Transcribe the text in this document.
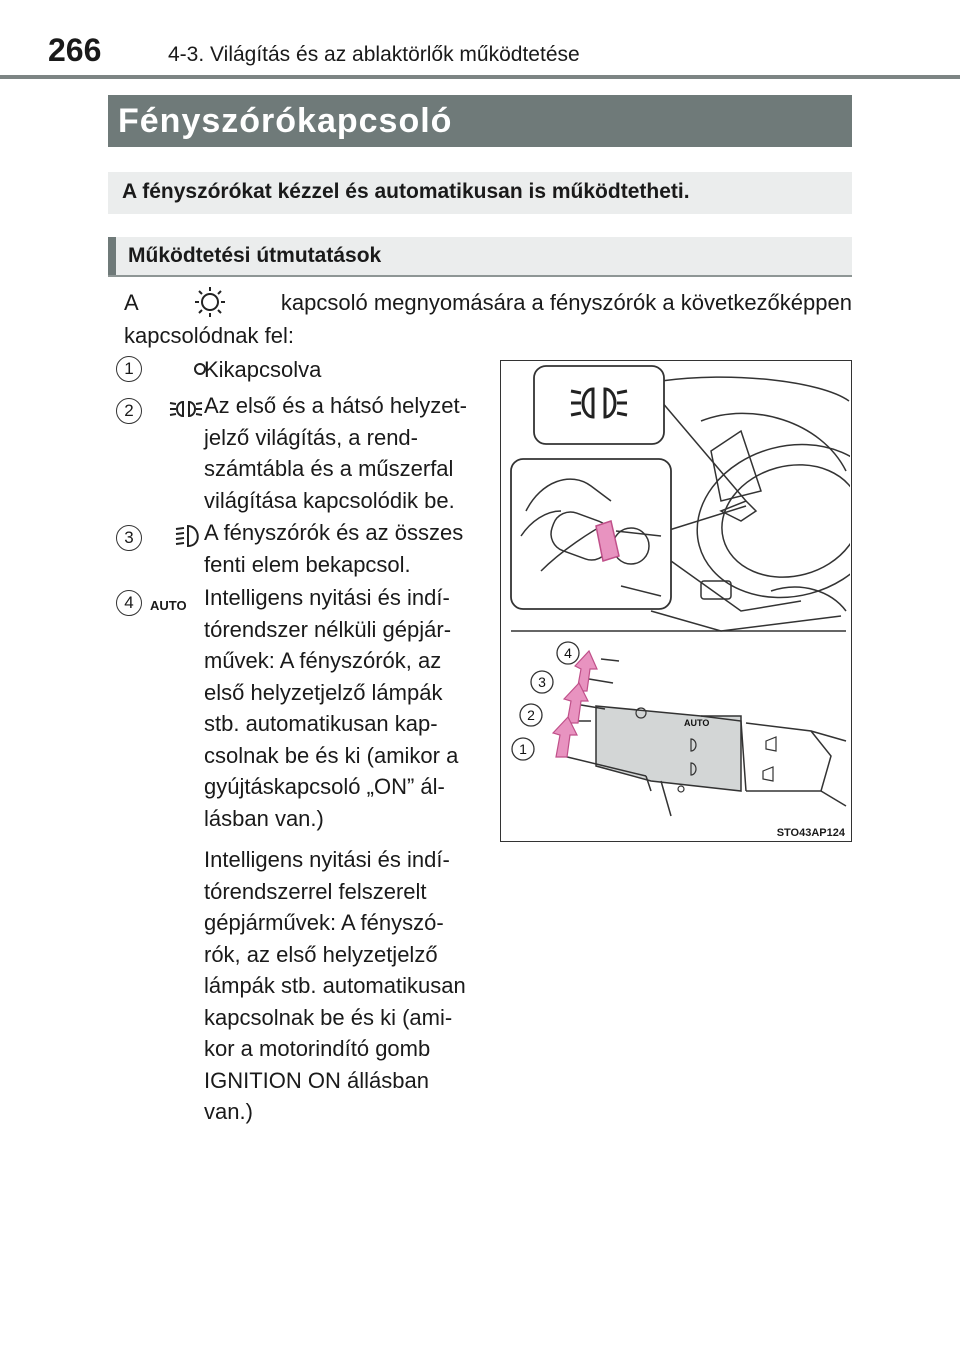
266	4-3. Világítás és az ablaktörlők működtetése
Fényszórókapcsoló
A fényszórókat kézzel és automatikusan is működtetheti.
Működtetési útmutatások
A	kapcsoló megnyomására a fényszórók a következőképpen
kapcsolódnak fel:
1	Kikapcsolva
2	Az első és a hátsó helyzet-
jelző világítás, a rend-
számtábla és a műszerfal
világítása kapcsolódik be.
3	A fényszórók és az összes
fenti elem bekapcsol.
4	AUTO Intelligens nyitási és indí-
tórendszer nélküli gépjár-
művek: A fényszórók, az
első helyzetjelző lámpák
stb. automatikusan kap-
csolnak be és ki (amikor a
gyújtáskapcsoló „ON” ál-
lásban van.)
Intelligens nyitási és indí-
tórendszerrel felszerelt
gépjárművek: A fényszó-
rók, az első helyzetjelző
lámpák stb. automatikusan
kapcsolnak be és ki (ami-
kor a motorindító gomb
IGNITION ON állásban
van.)
4
3
2
1
AUTO
STO43AP124
